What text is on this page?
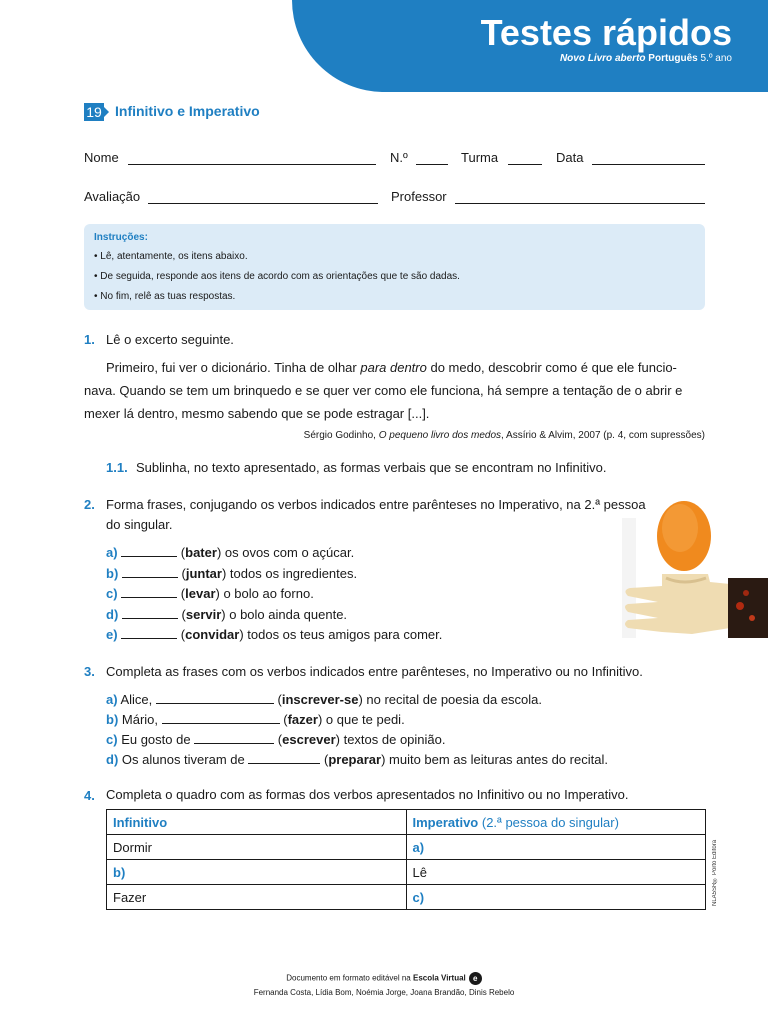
Testes rápidos
Novo Livro aberto Português 5.º ano
19 Infinitivo e Imperativo
Nome	N.º	Turma	Data
Avaliação	Professor
Instruções:
• Lê, atentamente, os itens abaixo.
• De seguida, responde aos itens de acordo com as orientações que te são dadas.
• No fim, relê as tuas respostas.
1. Lê o excerto seguinte.
Primeiro, fui ver o dicionário. Tinha de olhar para dentro do medo, descobrir como é que ele funcio-
nava. Quando se tem um brinquedo e se quer ver como ele funciona, há sempre a tentação de o abrir e
mexer lá dentro, mesmo sabendo que se pode estragar [...].
Sérgio Godinho, O pequeno livro dos medos, Assírio & Alvim, 2007 (p. 4, com supressões)
1.1. Sublinha, no texto apresentado, as formas verbais que se encontram no Infinitivo.
2. Forma frases, conjugando os verbos indicados entre parênteses no Imperativo, na 2.ª pessoa
do singular.
a)	(bater) os ovos com o açúcar.
b)	(juntar) todos os ingredientes.
c)	(levar) o bolo ao forno.
d)	(servir) o bolo ainda quente.
e)	(convidar) todos os teus amigos para comer.
3. Completa as frases com os verbos indicados entre parênteses, no Imperativo ou no Infinitivo.
a) Alice,	(inscrever-se) no recital de poesia da escola.
b) Mário,	(fazer) o que te pedi.
c) Eu gosto de	(escrever) textos de opinião.
d) Os alunos tiveram de	(preparar) muito bem as leituras antes do recital.
4. Completa o quadro com as formas dos verbos apresentados no Infinitivo ou no Imperativo.
Infinitivo	Imperativo (2.ª pessoa do singular)
Dormir	a)
b)	Lê
Fazer	c)	NLA5SR® Porto Editora
Documento em formato editável na Escola Virtual e
Fernanda Costa, Lídia Bom, Noémia Jorge, Joana Brandão, Dinis Rebelo
